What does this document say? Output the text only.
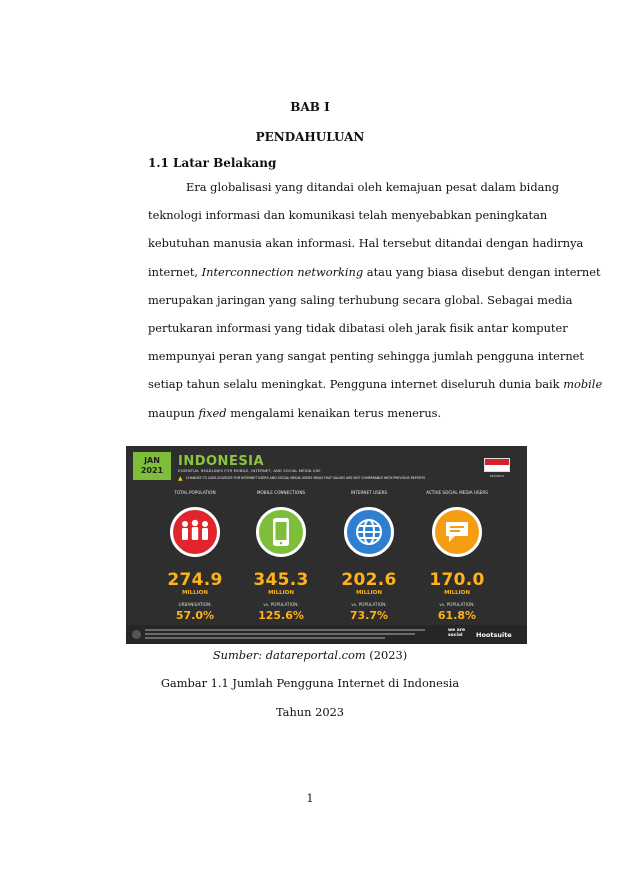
BAB I
PENDAHULUAN
1.1 Latar Belakang
Era globalisasi yang ditandai oleh kemajuan pesat dalam bidang
teknologi informasi dan komunikasi telah menyebabkan peningkatan
kebutuhan manusia akan informasi. Hal tersebut ditandai dengan hadirnya
internet, Interconnection networking atau yang biasa disebut dengan internet
merupakan jaringan yang saling terhubung secara global. Sebagai media
pertukaran informasi yang tidak dibatasi oleh jarak fisik antar komputer
mempunyai peran yang sangat penting sehingga jumlah pengguna internet
setiap tahun selalu meningkat. Pengguna internet diseluruh dunia baik mobile
maupun fixed mengalami kenaikan terus menerus.
JAN
2021
INDONESIA
ESSENTIAL HEADLINES FOR MOBILE, INTERNET, AND SOCIAL MEDIA USE
▲ CHANGES TO DATA SOURCES FOR INTERNET USERS AND SOCIAL MEDIA USERS MEAN THAT VALUES ARE NOT COMPARABLE WITH PREVIOUS REPORTS	INDONESIA
TOTAL POPULATION
274.9
MILLION
URBANISATION:
57.0%
MOBILE CONNECTIONS
345.3
MILLION
vs. POPULATION:
125.6%
INTERNET USERS
202.6
MILLION
vs. POPULATION:
73.7%
ACTIVE SOCIAL MEDIA USERS
170.0
MILLION
vs. POPULATION:
61.8%
we are social	Hootsuite
Sumber: datareportal.com (2023)
Gambar 1.1 Jumlah Pengguna Internet di Indonesia
Tahun 2023
1
